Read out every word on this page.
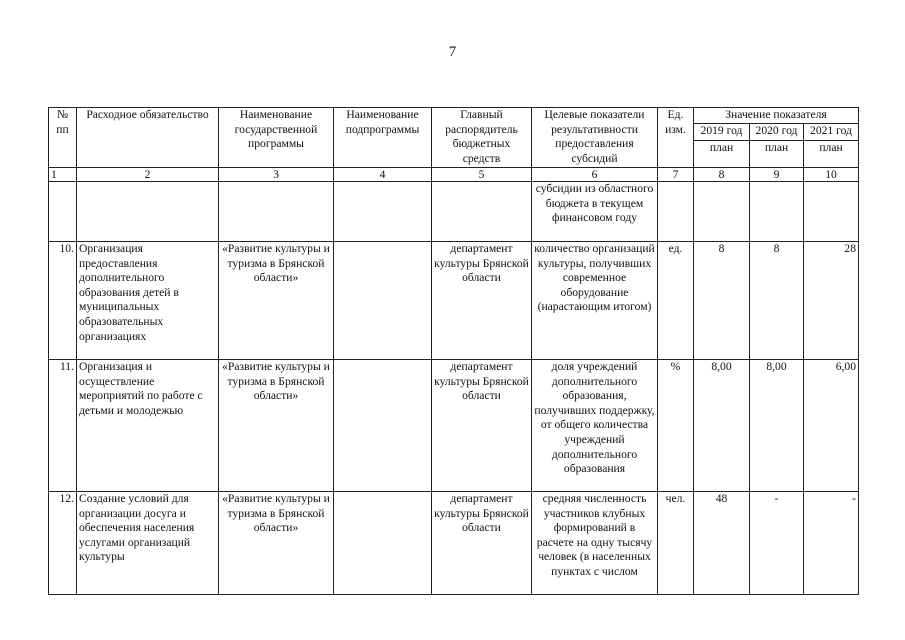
7
№ пп	Расходное обязательство	Наименование государственной программы	Наименование подпрограммы	Главный распорядитель бюджетных средств	Целевые показатели результативности предоставления субсидий	Ед. изм.	Значение показателя		
							2019 год	2020 год	2021 год
							план	план	план
1	2	3	4	5	6	7	8	9	10
					субсидии из областного бюджета в текущем финансовом году				
10.	Организация предоставления дополнительного образования детей в муниципальных образовательных организациях	«Развитие культуры и туризма в Брянской области»		департамент культуры Брянской области	количество организаций культуры, получивших современное оборудование (нарастающим итогом)	ед.	8	8	28
11.	Организация и осуществление мероприятий по работе с детьми и молодежью	«Развитие культуры и туризма в Брянской области»		департамент культуры Брянской области	доля учреждений дополнительного образования, получивших поддержку, от общего количества учреждений дополнительного образования	%	8,00	8,00	6,00
12.	Создание условий для организации досуга и обеспечения населения услугами организаций культуры	«Развитие культуры и туризма в Брянской области»		департамент культуры Брянской области	средняя численность участников клубных формирований в расчете на одну тысячу человек (в населенных пунктах с числом	чел.	48	-	-
